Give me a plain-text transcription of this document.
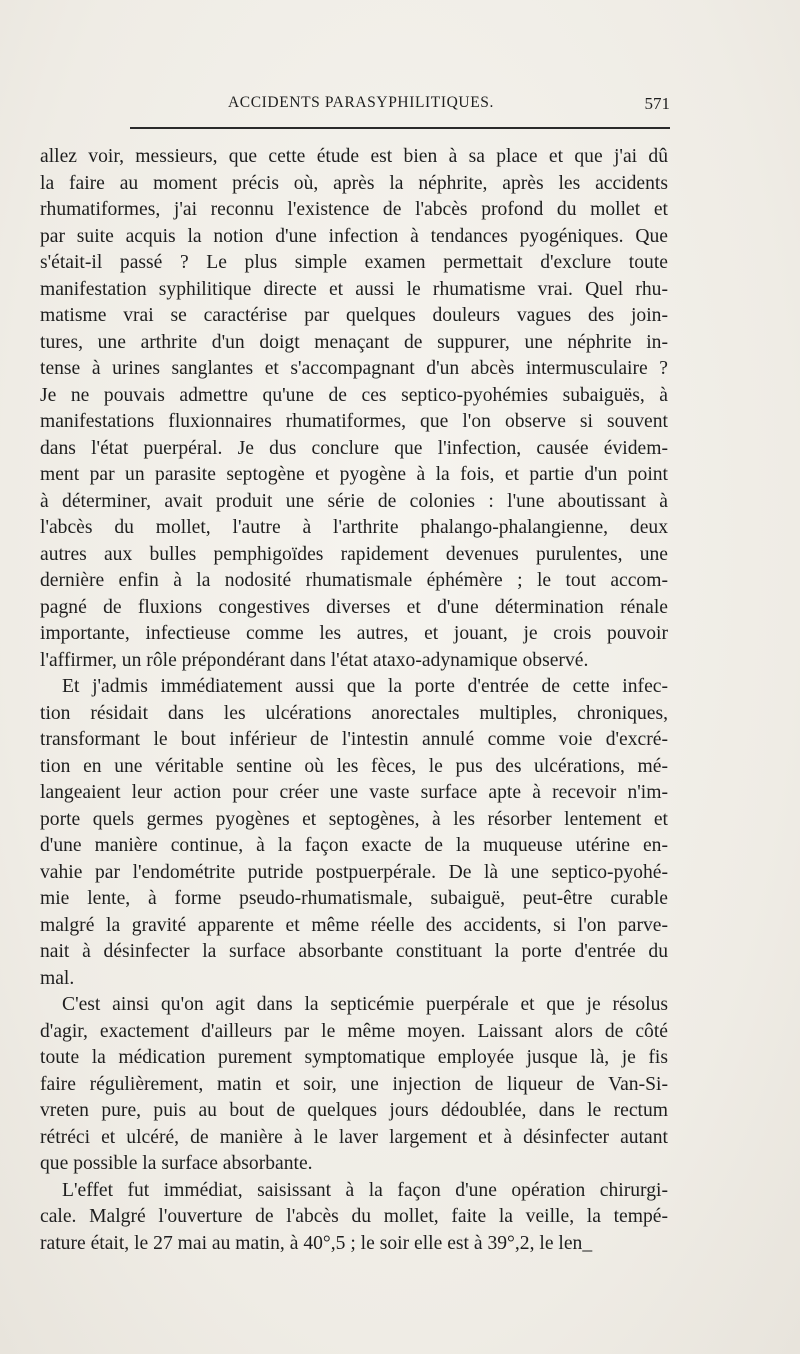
ACCIDENTS PARASYPHILITIQUES.	571
allez voir, messieurs, que cette étude est bien à sa place et que j'ai dû
la faire au moment précis où, après la néphrite, après les accidents
rhumatiformes, j'ai reconnu l'existence de l'abcès profond du mollet et
par suite acquis la notion d'une infection à tendances pyogéniques. Que
s'était-il passé ? Le plus simple examen permettait d'exclure toute
manifestation syphilitique directe et aussi le rhumatisme vrai. Quel rhu-
matisme vrai se caractérise par quelques douleurs vagues des join-
tures, une arthrite d'un doigt menaçant de suppurer, une néphrite in-
tense à urines sanglantes et s'accompagnant d'un abcès intermusculaire ?
Je ne pouvais admettre qu'une de ces septico-pyohémies subaiguës, à
manifestations fluxionnaires rhumatiformes, que l'on observe si souvent
dans l'état puerpéral. Je dus conclure que l'infection, causée évidem-
ment par un parasite septogène et pyogène à la fois, et partie d'un point
à déterminer, avait produit une série de colonies : l'une aboutissant à
l'abcès du mollet, l'autre à l'arthrite phalango-phalangienne, deux
autres aux bulles pemphigoïdes rapidement devenues purulentes, une
dernière enfin à la nodosité rhumatismale éphémère ; le tout accom-
pagné de fluxions congestives diverses et d'une détermination rénale
importante, infectieuse comme les autres, et jouant, je crois pouvoir
l'affirmer, un rôle prépondérant dans l'état ataxo-adynamique observé.
Et j'admis immédiatement aussi que la porte d'entrée de cette infec-
tion résidait dans les ulcérations anorectales multiples, chroniques,
transformant le bout inférieur de l'intestin annulé comme voie d'excré-
tion en une véritable sentine où les fèces, le pus des ulcérations, mé-
langeaient leur action pour créer une vaste surface apte à recevoir n'im-
porte quels germes pyogènes et septogènes, à les résorber lentement et
d'une manière continue, à la façon exacte de la muqueuse utérine en-
vahie par l'endométrite putride postpuerpérale. De là une septico-pyohé-
mie lente, à forme pseudo-rhumatismale, subaiguë, peut-être curable
malgré la gravité apparente et même réelle des accidents, si l'on parve-
nait à désinfecter la surface absorbante constituant la porte d'entrée du
mal.
C'est ainsi qu'on agit dans la septicémie puerpérale et que je résolus
d'agir, exactement d'ailleurs par le même moyen. Laissant alors de côté
toute la médication purement symptomatique employée jusque là, je fis
faire régulièrement, matin et soir, une injection de liqueur de Van-Si-
vreten pure, puis au bout de quelques jours dédoublée, dans le rectum
rétréci et ulcéré, de manière à le laver largement et à désinfecter autant
que possible la surface absorbante.
L'effet fut immédiat, saisissant à la façon d'une opération chirurgi-
cale. Malgré l'ouverture de l'abcès du mollet, faite la veille, la tempé-
rature était, le 27 mai au matin, à 40°,5 ; le soir elle est à 39°,2, le len_
